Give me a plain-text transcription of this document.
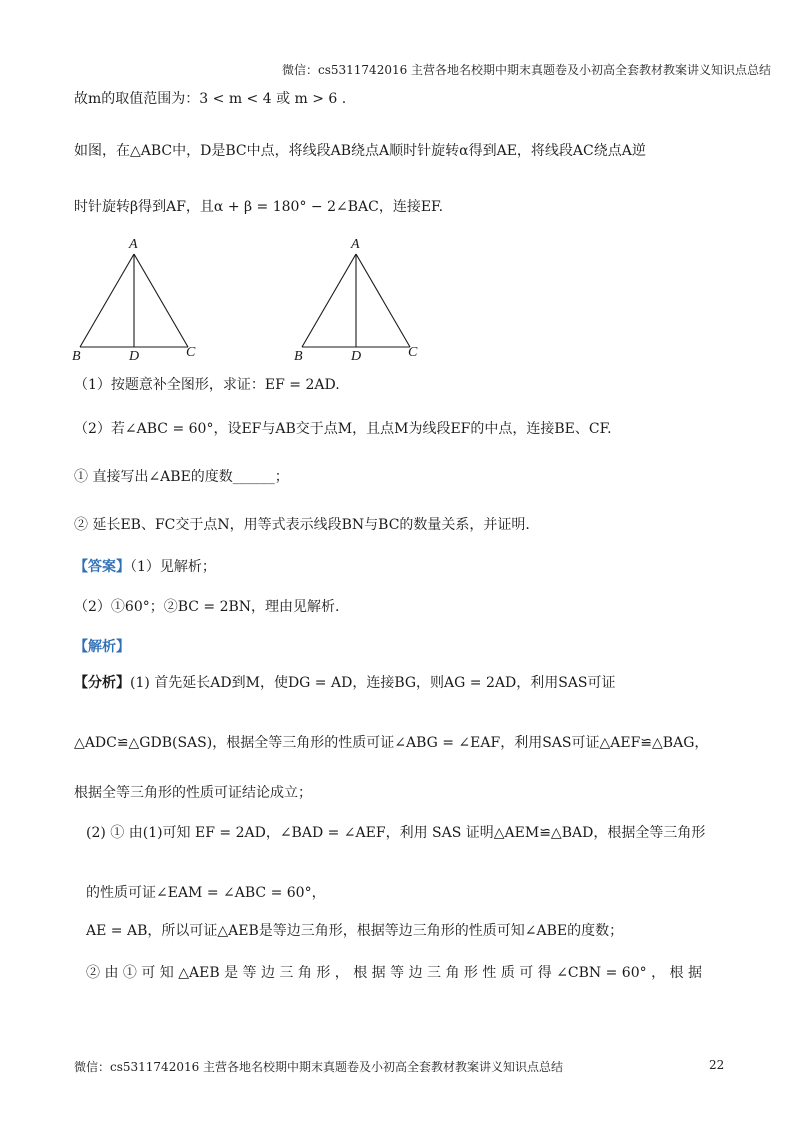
微信：cs5311742016 主营各地名校期中期末真题卷及小初高全套教材教案讲义知识点总结
故m的取值范围为：3 < m < 4 或 m > 6 .
如图，在△ABC中，D是BC中点，将线段AB绕点A顺时针旋转α得到AE，将线段AC绕点A逆
时针旋转β得到AF，且α + β = 180° − 2∠BAC，连接EF.
A
B	D	C
A
B	D	C
（1）按题意补全图形，求证：EF = 2AD.
（2）若∠ABC = 60°，设EF与AB交于点M，且点M为线段EF的中点，连接BE、CF.
① 直接写出∠ABE的度数______；
② 延长EB、FC交于点N，用等式表示线段BN与BC的数量关系，并证明.
【答案】（1）见解析；
（2）①60°；②BC = 2BN，理由见解析.
【解析】
【分析】(1) 首先延长AD到M，使DG = AD，连接BG，则AG = 2AD，利用SAS可证
△ADC≌△GDB(SAS)，根据全等三角形的性质可证∠ABG = ∠EAF，利用SAS可证△AEF≌△BAG，
根据全等三角形的性质可证结论成立；
(2) ① 由(1)可知 EF = 2AD，∠BAD = ∠AEF，利用 SAS 证明△AEM≌△BAD，根据全等三角形
的性质可证∠EAM = ∠ABC = 60°，
AE = AB，所以可证△AEB是等边三角形，根据等边三角形的性质可知∠ABE的度数；
② 由 ① 可 知 △AEB 是 等 边 三 角 形 ， 根 据 等 边 三 角 形 性 质 可 得 ∠CBN = 60° ， 根 据
微信：cs5311742016 主营各地名校期中期末真题卷及小初高全套教材教案讲义知识点总结	22
